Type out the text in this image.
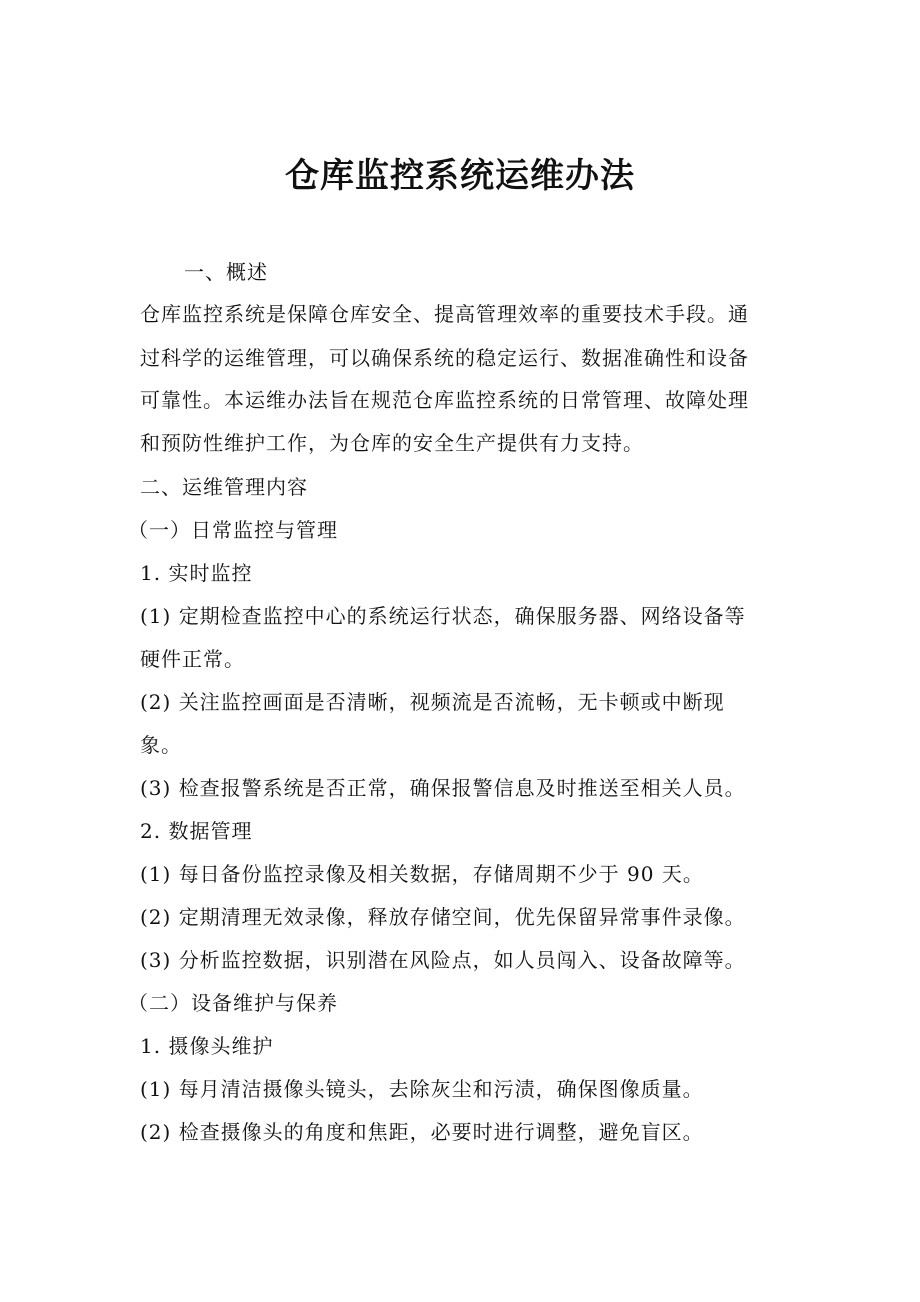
仓库监控系统运维办法
一、概述
仓库监控系统是保障仓库安全、提高管理效率的重要技术手段。通
过科学的运维管理，可以确保系统的稳定运行、数据准确性和设备
可靠性。本运维办法旨在规范仓库监控系统的日常管理、故障处理
和预防性维护工作，为仓库的安全生产提供有力支持。
二、运维管理内容
（一）日常监控与管理
1. 实时监控
(1) 定期检查监控中心的系统运行状态，确保服务器、网络设备等
硬件正常。
(2) 关注监控画面是否清晰，视频流是否流畅，无卡顿或中断现
象。
(3) 检查报警系统是否正常，确保报警信息及时推送至相关人员。
2. 数据管理
(1) 每日备份监控录像及相关数据，存储周期不少于 90 天。
(2) 定期清理无效录像，释放存储空间，优先保留异常事件录像。
(3) 分析监控数据，识别潜在风险点，如人员闯入、设备故障等。
（二）设备维护与保养
1. 摄像头维护
(1) 每月清洁摄像头镜头，去除灰尘和污渍，确保图像质量。
(2) 检查摄像头的角度和焦距，必要时进行调整，避免盲区。
